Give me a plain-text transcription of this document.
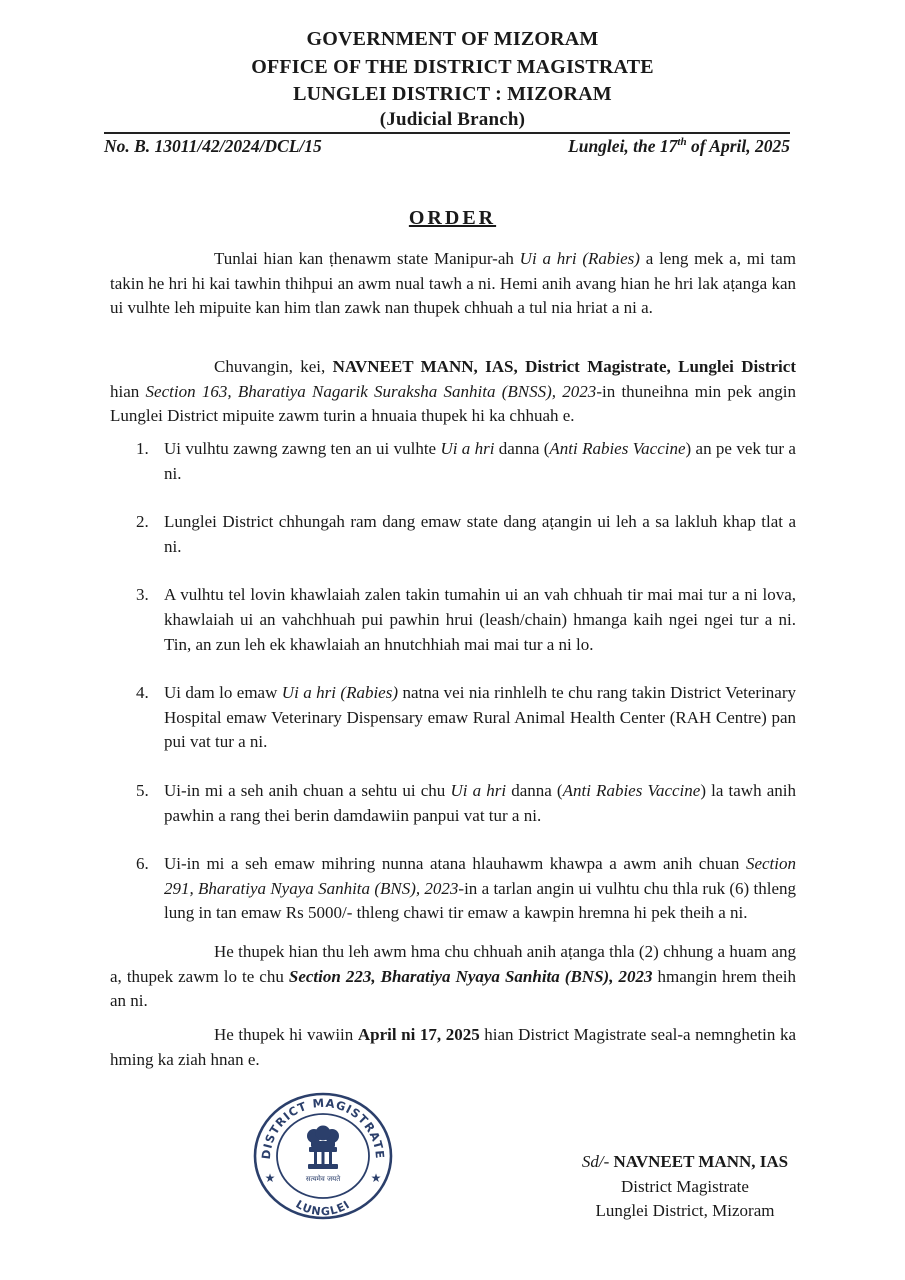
GOVERNMENT OF MIZORAM
OFFICE OF THE DISTRICT MAGISTRATE
LUNGLEI DISTRICT : MIZORAM
(Judicial Branch)
No. B. 13011/42/2024/DCL/15	Lunglei, the 17th of April, 2025
ORDER
Tunlai hian kan ṭhenawm state Manipur-ah Ui a hri (Rabies) a leng mek a, mi tam takin he hri hi kai tawhin thihpui an awm nual tawh a ni. Hemi anih avang hian he hri lak aṭanga kan ui vulhte leh mipuite kan him tlan zawk nan thupek chhuah a tul nia hriat a ni a.
Chuvangin, kei, NAVNEET MANN, IAS, District Magistrate, Lunglei District hian Section 163, Bharatiya Nagarik Suraksha Sanhita (BNSS), 2023-in thuneihna min pek angin Lunglei District mipuite zawm turin a hnuaia thupek hi ka chhuah e.
1. Ui vulhtu zawng zawng ten an ui vulhte Ui a hri danna (Anti Rabies Vaccine) an pe vek tur a ni.
2. Lunglei District chhungah ram dang emaw state dang aṭangin ui leh a sa lakluh khap tlat a ni.
3. A vulhtu tel lovin khawlaiah zalen takin tumahin ui an vah chhuah tir mai mai tur a ni lova, khawlaiah ui an vahchhuah pui pawhin hrui (leash/chain) hmanga kaih ngei ngei tur a ni. Tin, an zun leh ek khawlaiah an hnutchhiah mai mai tur a ni lo.
4. Ui dam lo emaw Ui a hri (Rabies) natna vei nia rinhlelh te chu rang takin District Veterinary Hospital emaw Veterinary Dispensary emaw Rural Animal Health Center (RAH Centre) pan pui vat tur a ni.
5. Ui-in mi a seh anih chuan a sehtu ui chu Ui a hri danna (Anti Rabies Vaccine) la tawh anih pawhin a rang thei berin damdawiin panpui vat tur a ni.
6. Ui-in mi a seh emaw mihring nunna atana hlauhawm khawpa a awm anih chuan Section 291, Bharatiya Nyaya Sanhita (BNS), 2023-in a tarlan angin ui vulhtu chu thla ruk (6) thleng lung in tan emaw Rs 5000/- thleng chawi tir emaw a kawpin hremna hi pek theih a ni.
He thupek hian thu leh awm hma chu chhuah anih aṭanga thla (2) chhung a huam ang a, thupek zawm lo te chu Section 223, Bharatiya Nyaya Sanhita (BNS), 2023 hmangin hrem theih an ni.
He thupek hi vawiin April ni 17, 2025 hian District Magistrate seal-a nemnghetin ka hming ka ziah hnan e.
DISTRICT MAGISTRATE
LUNGLEI
★	★
सत्यमेव जयते
Sd/- NAVNEET MANN, IAS
District Magistrate
Lunglei District, Mizoram
